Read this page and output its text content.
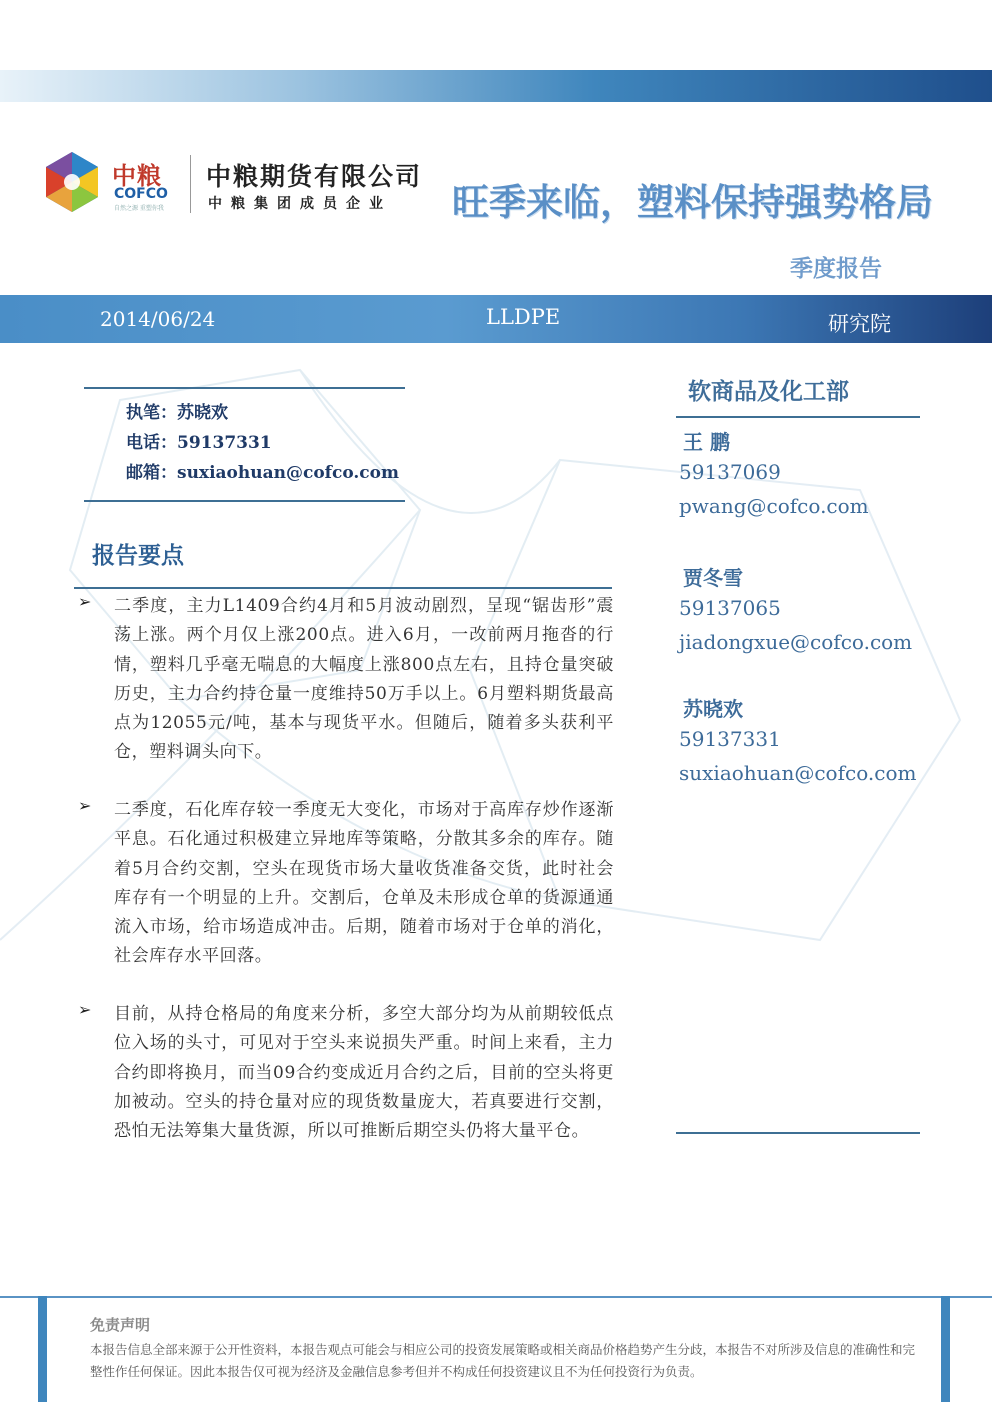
中粮
COFCO
自然之源 重塑你我
中粮期货有限公司
中粮集团成员企业 旺季来临，塑料保持强势格局
季度报告
2014/06/24	LLDPE	研究院
执笔：苏晓欢
电话：59137331
邮箱：suxiaohuan@cofco.com
报告要点
➢ 二季度，主力L1409合约4月和5月波动剧烈，呈现“锯齿形”震荡上涨。两个月仅上涨200点。进入6月，一改前两月拖沓的行情，塑料几乎毫无喘息的大幅度上涨800点左右，且持仓量突破历史，主力合约持仓量一度维持50万手以上。6月塑料期货最高点为12055元/吨，基本与现货平水。但随后，随着多头获利平仓，塑料调头向下。
➢ 二季度，石化库存较一季度无大变化，市场对于高库存炒作逐渐平息。石化通过积极建立异地库等策略，分散其多余的库存。随着5月合约交割，空头在现货市场大量收货准备交货，此时社会库存有一个明显的上升。交割后，仓单及未形成仓单的货源通通流入市场，给市场造成冲击。后期，随着市场对于仓单的消化，社会库存水平回落。
➢ 目前，从持仓格局的角度来分析，多空大部分均为从前期较低点位入场的头寸，可见对于空头来说损失严重。时间上来看，主力合约即将换月，而当09合约变成近月合约之后，目前的空头将更加被动。空头的持仓量对应的现货数量庞大，若真要进行交割，恐怕无法筹集大量货源，所以可推断后期空头仍将大量平仓。
软商品及化工部
王 鹏
59137069
pwang@cofco.com
贾冬雪
59137065
jiadongxue@cofco.com
苏晓欢
59137331
suxiaohuan@cofco.com
免责声明
本报告信息全部来源于公开性资料，本报告观点可能会与相应公司的投资发展策略或相关商品价格趋势产生分歧，本报告不对所涉及信息的准确性和完整性作任何保证。因此本报告仅可视为经济及金融信息参考但并不构成任何投资建议且不为任何投资行为负责。
